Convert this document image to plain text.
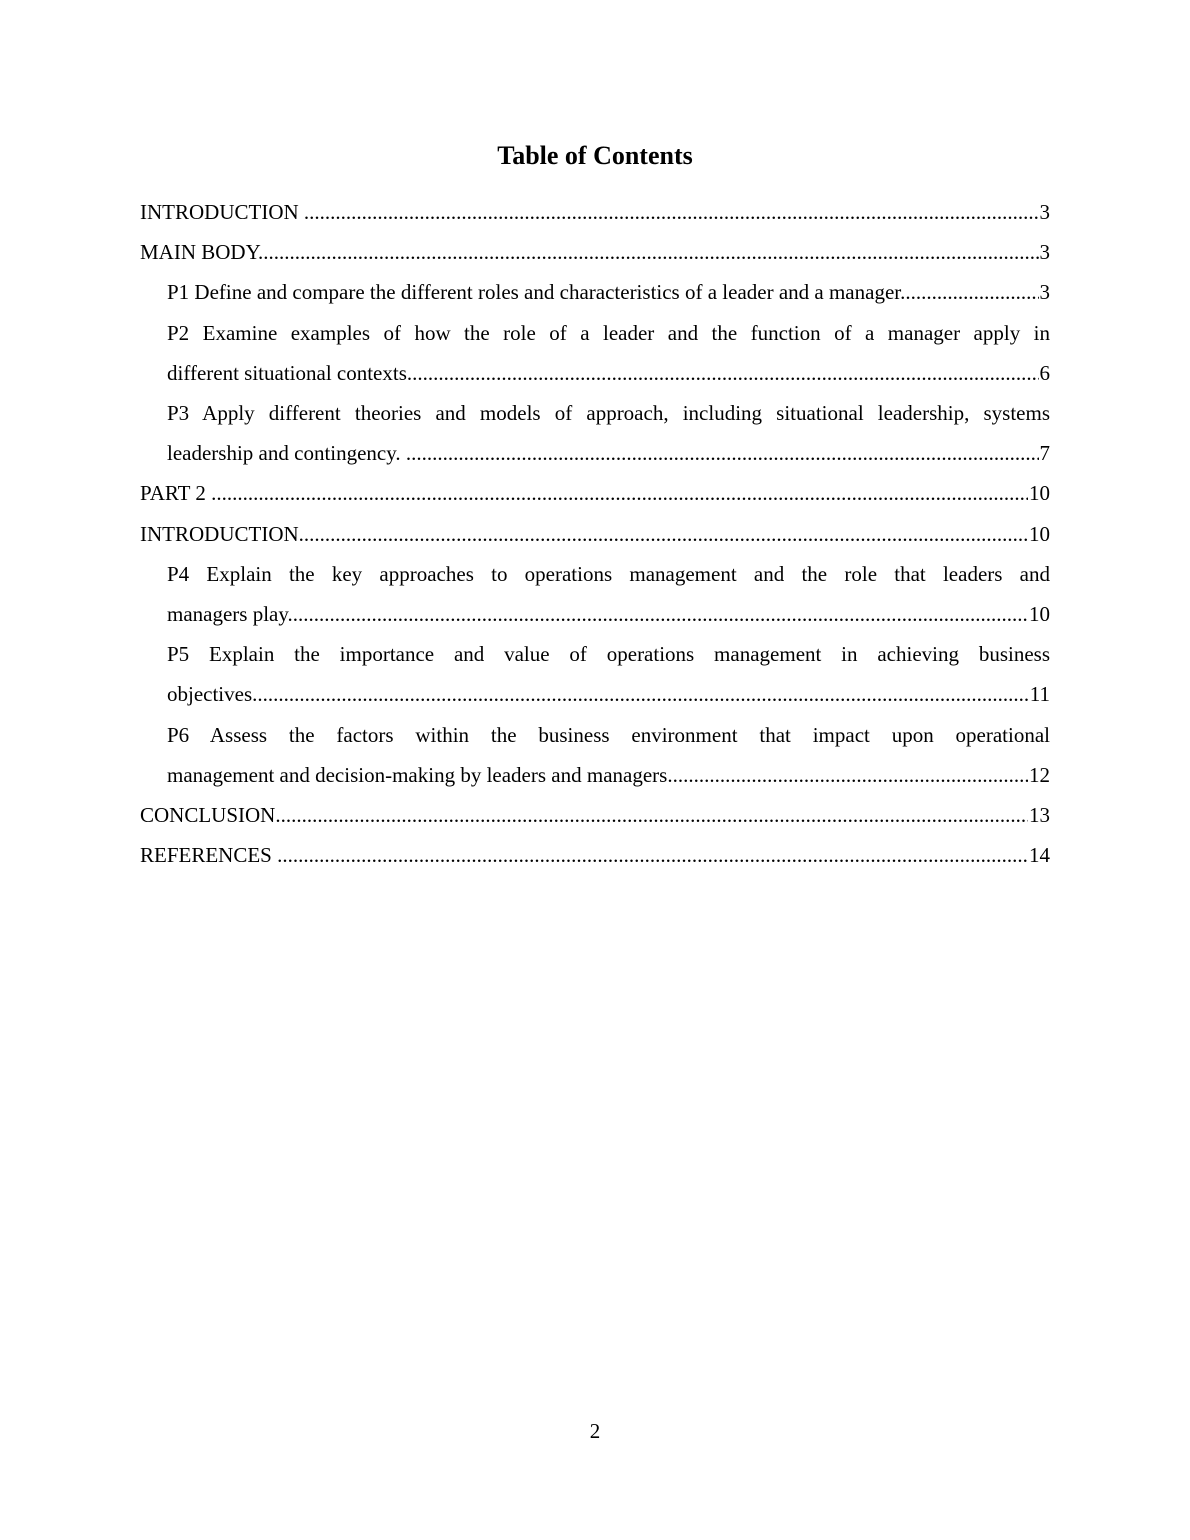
Table of Contents
INTRODUCTION .....	3
MAIN BODY .....	3
P1 Define and compare the different roles and characteristics of a leader and a manager .....	3
P2 Examine examples of how the role of a leader and the function of a manager apply in
different situational contexts .....	6
P3 Apply different theories and models of approach, including situational leadership, systems
leadership and contingency. .....	7
PART 2 .....	10
INTRODUCTION .....	10
P4 Explain the key approaches to operations management and the role that leaders and
managers play .....	10
P5 Explain the importance and value of operations management in achieving business
objectives .....	11
P6 Assess the factors within the business environment that impact upon operational
management and decision-making by leaders and managers .....	12
CONCLUSION .....	13
REFERENCES .....	14
2
